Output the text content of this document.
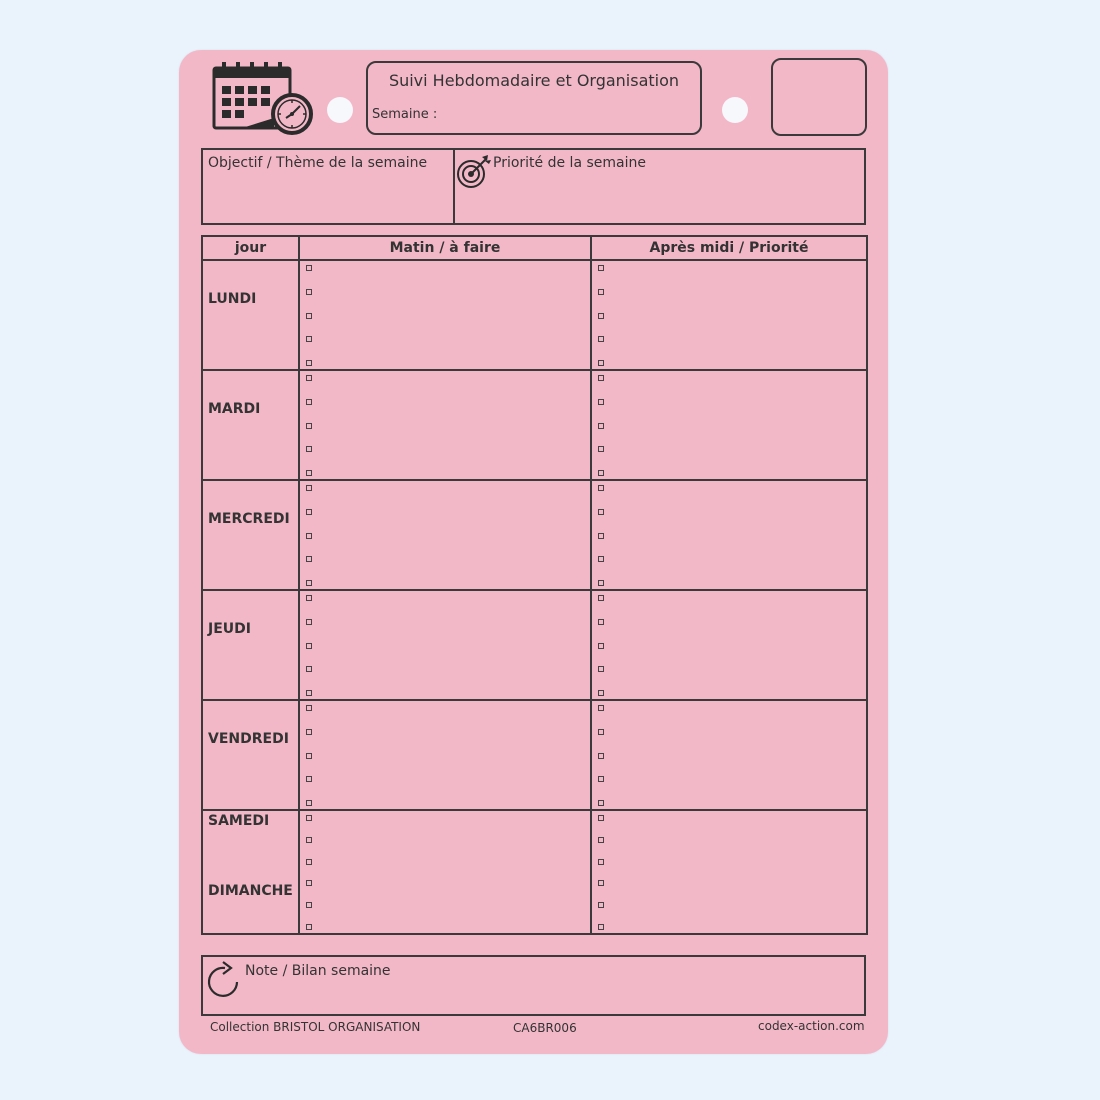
Suivi Hebdomadaire et Organisation
Semaine :
Objectif / Thème de la semaine	Priorité de la semaine
jour	Matin / à faire	Après midi / Priorité

LUNDI		

MARDI		

MERCREDI		

JEUDI		

VENDREDI		

SAMEDI
DIMANCHE		

Note / Bilan semaine
Collection BRISTOL ORGANISATION	CA6BR006	codex-action.com
